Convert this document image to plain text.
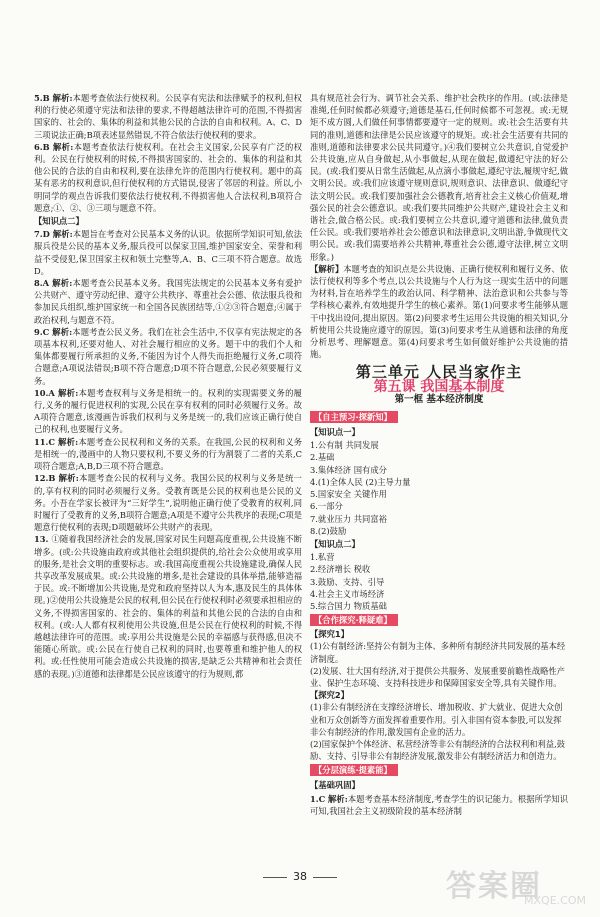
5.B 解析:本题考查依法行使权利。公民享有宪法和法律赋予的权利,但权利的行使必须遵守宪法和法律的要求,不得超越法律许可的范围,不得损害国家的、社会的、集体的利益和其他公民的合法的自由和权利。A、C、D三项说法正确;B项表述显然错误,不符合依法行使权利的要求。

6.B 解析:本题考查依法行使权利。在社会主义国家,公民享有广泛的权利。公民在行使权利的时候,不得损害国家的、社会的、集体的利益和其他公民的合法的自由和权利,要在法律允许的范围内行使权利。题中的高某有恶劣的权利意识,但行使权利的方式错误,侵害了邻居的利益。所以,小明同学的观点告诉我们要依法行使权利,不得损害他人合法权利,B项符合题意;①、②、③三项与题意不符。

【知识点二】

7.D 解析:本题旨在考查对公民基本义务的认识。依据所学知识可知,依法服兵役是公民的基本义务,服兵役可以保家卫国,维护国家安全、荣誉和利益不受侵犯,保卫国家主权和领土完整等,A、B、C三项不符合题意。故选D。

8.A 解析:本题考查公民基本义务。我国宪法规定的公民基本义务有爱护公共财产、遵守劳动纪律、遵守公共秩序、尊重社会公德、依法服兵役和参加民兵组织,维护国家统一和全国各民族团结等,①②③符合题意;④属于政治权利,与题意不符。

9.C 解析:本题考查公民义务。我们在社会生活中,不仅享有宪法规定的各项基本权利,还要对他人、对社会履行相应的义务。题干中的我们个人和集体都要履行所承担的义务,不能因为讨个人得失而拒绝履行义务,C项符合题意;A项说法错误;B项不符合题意;D项不符合题意,公民必须要履行义务。

10.A 解析:本题考查权利与义务是相统一的。权利的实现需要义务的履行,义务的履行促进权利的实现,公民在享有权利的同时必须履行义务。故A项符合题意,该漫画告诉我们权利与义务是统一的,我们应该正确行使自己的权利,也要履行义务。

11.C 解析:本题考查公民权利和义务的关系。在我国,公民的权利和义务是相统一的,漫画中的人物只要权利,不要义务的行为割裂了二者的关系,C项符合题意;A,B,D三项不符合题意。

12.B 解析:本题考查公民的权利与义务。我国公民的权利与义务是统一的,享有权利的同时必须履行义务。受教育既是公民的权利也是公民的义务。小吾在学家长被评为“三好学生”,说明他正确行使了受教育的权利,同时履行了受教育的义务,B项符合题意;A项是不遵守公共秩序的表现;C项是题意行使权利的表现;D项题破坏公共财产的表现。

13. ①随着我国经济社会的发展,国家对民生问题高度重视,公共设施不断增多。(或:公共设施由政府或其他社会组织提供的,给社会公众使用或享用的服务,是社会文明的重要标志。或:我国高度重视公共设施建设,确保人民共享改革发展成果。或:公共设施的增多,是社会建设的具体举措,能够造福于民。或:不断增加公共设施,是党和政府坚持以人为本,惠及民生的具体体现。)②使用公共设施是公民的权利,但公民在行使权利时必须要承担相应的义务,不得损害国家的、社会的、集体的利益和其他公民的合法的自由和权利。(或:人人都有权利使用公共设施,但是公民在行使权利的时候,不得越越法律许可的范围。或:享用公共设施是公民的幸福感与获得感,但决不能随心所欲。或:公民在行使自己权利的同时,也要尊重和维护他人的权利。或:任性使用可能会造成公共设施的损害,是缺乏公共精神和社会责任感的表现。)③道德和法律都是公民应该遵守的行为规则,都

具有规范社会行为、调节社会关系、维护社会秩序的作用。(或:法律是准绳,任何时候都必须遵守;道德是基石,任何时候都不可忽视。或:无规矩不成方圆,人们做任何事情都要遵守一定的规则。或:社会生活要有共同的准则,道德和法律是公民应该遵守的规矩。或:社会生活要有共同的准则,道德和法律要求公民共同遵守。)④我们要树立公共意识,自觉爱护公共设施,应从自身做起,从小事做起,从现在做起,做遵纪守法的好公民。(或:我们要从日常生活做起,从点滴小事做起,遵纪守法,履规守纪,做文明公民。或:我们应该遵守规则意识,规则意识、法律意识、做遵纪守法文明公民。或:我们要加强社会公德教育,培育社会主义核心价值观,增强公民的社会公德意识。或:我们要共同维护公共财产,建设社会主义和谐社会,做合格公民。或:我们要树立公共意识,遵守道德和法律,做负责任公民。或:我们要培养社会公德意识和法律意识,文明出游,争做现代文明公民。或:我们需要培养公共精神,尊重社会公德,遵守法律,树立文明形象。)

【解析】本题考查的知识点是公共设施、正确行使权利和履行义务、依法行使权利等多个考点,以公共设施与个人行为这一现实生活中的问题为材料,旨在培养学生的政治认同、科学精神、法治意识和公共参与等学科核心素养,有效地提升学生的核心素养。第(1)问要求考生能够从题干中找出设问,提出原因。第(2)问要求考生运用公共设施的相关知识,分析使用公共设施应遵守的原因。第(3)问要求考生从道德和法律的角度分析思考、理解题意。第(4)问要求考生如何做好维护公共设施的措施。

第三单元 人民当家作主
第五课 我国基本制度
第一框 基本经济制度
【自主预习·探新知】
【知识点一】
1.公有制 共同发展
2.基础
3.集体经济 国有成分
4.(1)全体人民 (2)主导力量
5.国家安全 关键作用
6.一部分
7.就业压力 共同富裕
8.(2)鼓励
【知识点二】
1.私营
2.经济增长 税收
3.鼓励、支持、引导
4.社会主义市场经济
5.综合国力 物质基础
【合作探究·释疑难】
【探究1】
(1)公有制经济:坚持公有制为主体、多种所有制经济共同发展的基本经济制度。
(2)发展、壮大国有经济,对于提供公共服务、发展重要前瞻性战略性产业、保护生态环境、支持科技进步和保障国家安全等,具有关键作用。
【探究2】
(1)非公有制经济在支撑经济增长、增加税收、扩大就业、促进大众创业和万众创新等方面发挥着重要作用。引入非国有资本参股,可以发挥非公有制经济的作用,激发国有企业的活力。
(2)国家保护个体经济、私营经济等非公有制经济的合法权利和利益,鼓励、支持、引导非公有制经济发展,激发非公有制经济活力和创造力。
【分层演练·提素能】
【基础巩固】

1.C 解析:本题考查基本经济制度,考查学生的识记能力。根据所学知识可知,我国社会主义初级阶段的基本经济制

38	答案圈
MXQE.COM
